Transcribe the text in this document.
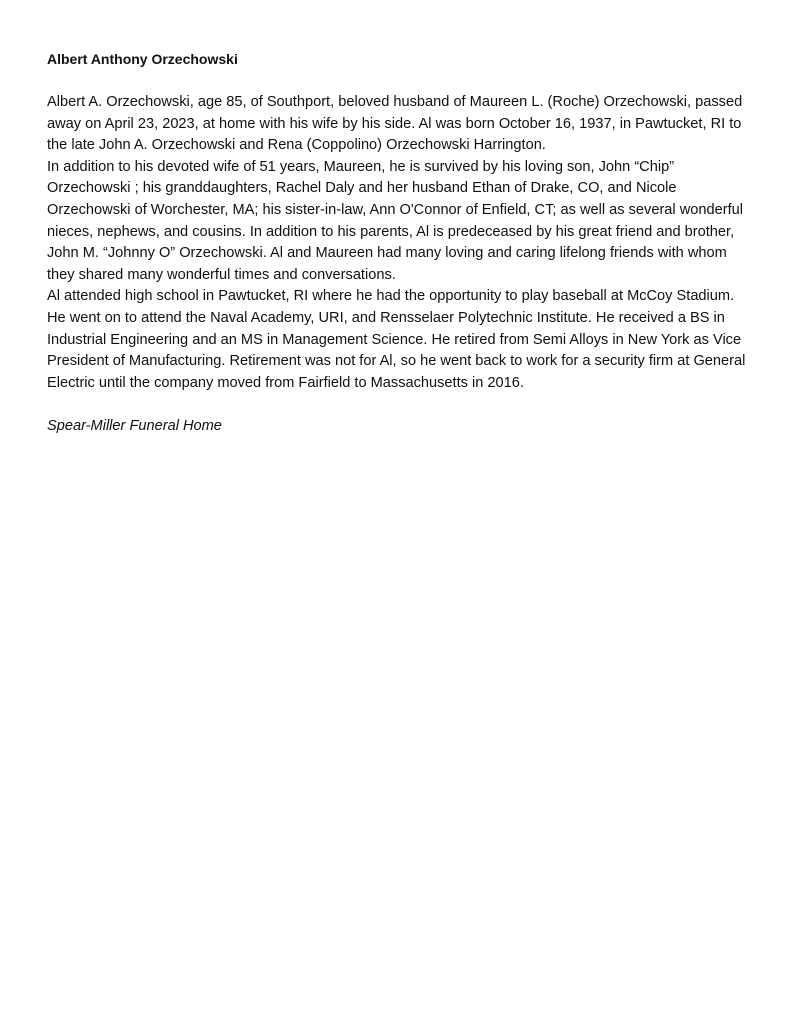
Albert Anthony Orzechowski

Albert A. Orzechowski, age 85, of Southport, beloved husband of Maureen L. (Roche) Orzechowski, passed away on April 23, 2023, at home with his wife by his side. Al was born October 16, 1937, in Pawtucket, RI to the late John A. Orzechowski and Rena (Coppolino) Orzechowski Harrington.

In addition to his devoted wife of 51 years, Maureen, he is survived by his loving son, John “Chip” Orzechowski ; his granddaughters, Rachel Daly and her husband Ethan of Drake, CO, and Nicole Orzechowski of Worchester, MA; his sister-in-law, Ann O'Connor of Enfield, CT; as well as several wonderful nieces, nephews, and cousins. In addition to his parents, Al is predeceased by his great friend and brother, John M. “Johnny O” Orzechowski. Al and Maureen had many loving and caring lifelong friends with whom they shared many wonderful times and conversations.

Al attended high school in Pawtucket, RI where he had the opportunity to play baseball at McCoy Stadium. He went on to attend the Naval Academy, URI, and Rensselaer Polytechnic Institute. He received a BS in Industrial Engineering and an MS in Management Science. He retired from Semi Alloys in New York as Vice President of Manufacturing. Retirement was not for Al, so he went back to work for a security firm at General Electric until the company moved from Fairfield to Massachusetts in 2016.

Spear-Miller Funeral Home
